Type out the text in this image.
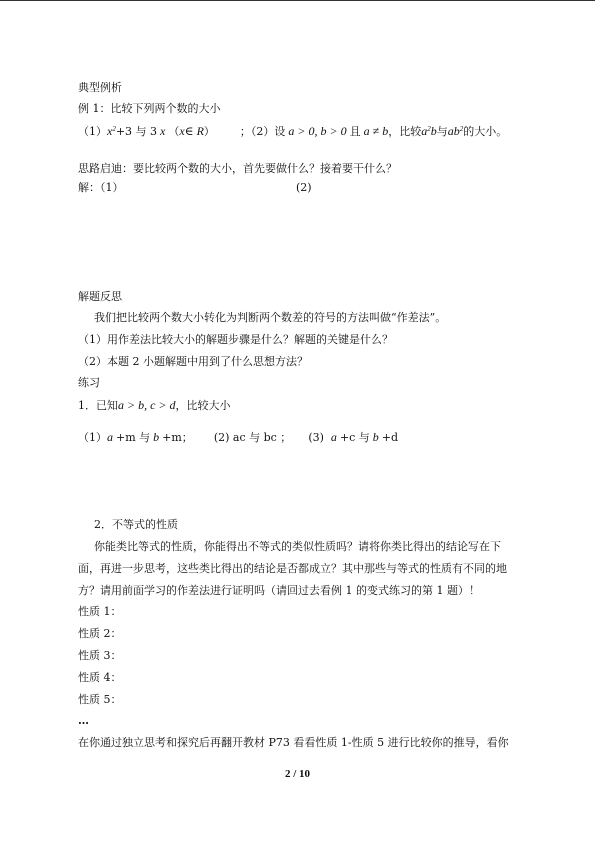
典型例析
例 1：比较下列两个数的大小
$(1)x^2+3$ 与 3 x （x∈ R） ；（2）设 a > 0, b > 0 且 a ≠ b，比较$a^2b$与$ab^2$的大小。
思路启迪：要比较两个数的大小，首先要做什么？接着要干什么？
解：（1）	(2)
解题反思
我们把比较两个数大小转化为判断两个数差的符号的方法叫做“作差法”。
（1）用作差法比较大小的解题步骤是什么？解题的关键是什么？
（2）本题 2 小题解题中用到了什么思想方法？
练习
1．已知a > b, c > d，比较大小
（1）a +m 与 b +m； (2) ac 与 bc ； (3) a +c 与 b +d
2．不等式的性质
你能类比等式的性质，你能得出不等式的类似性质吗？请将你类比得出的结论写在下
面，再进一步思考，这些类比得出的结论是否都成立？其中那些与等式的性质有不同的地
方？请用前面学习的作差法进行证明吗（请回过去看例 1 的变式练习的第 1 题）！
性质 1：
性质 2：
性质 3：
性质 4：
性质 5：
…
在你通过独立思考和探究后再翻开教材 P73 看看性质 1-性质 5 进行比较你的推导，看你
2 / 10
